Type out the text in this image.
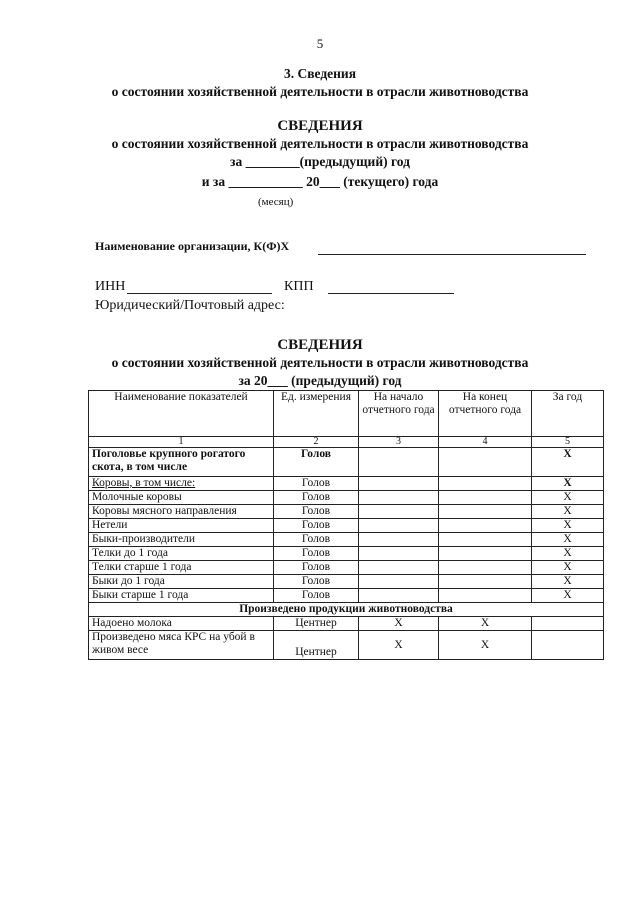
5
3. Сведения
о состоянии хозяйственной деятельности в отрасли животноводства
СВЕДЕНИЯ
о состоянии хозяйственной деятельности в отрасли животноводства
за ________(предыдущий) год
и за ___________ 20___ (текущего) года
(месяц)
Наименование организации, К(Ф)Х
ИНН	КПП
Юридический/Почтовый адрес:
СВЕДЕНИЯ
о состоянии хозяйственной деятельности в отрасли животноводства
за 20___ (предыдущий) год
Наименование показателей	Ед. измерения	На начало отчетного года	На конец отчетного года	За год
1	2	3	4	5
Поголовье крупного рогатого скота, в том числе	Голов			X
Коровы, в том числе:	Голов			X
Молочные коровы	Голов			X
Коровы мясного направления	Голов			X
Нетели	Голов			X
Быки-производители	Голов			X
Телки до 1 года	Голов			X
Телки старше 1 года	Голов			X
Быки до 1 года	Голов			X
Быки старше 1 года	Голов			X
Произведено продукции животноводства				
Надоено молока	Центнер	X	X	
Произведено мяса КРС на убой в живом весе	Центнер	X	X	
